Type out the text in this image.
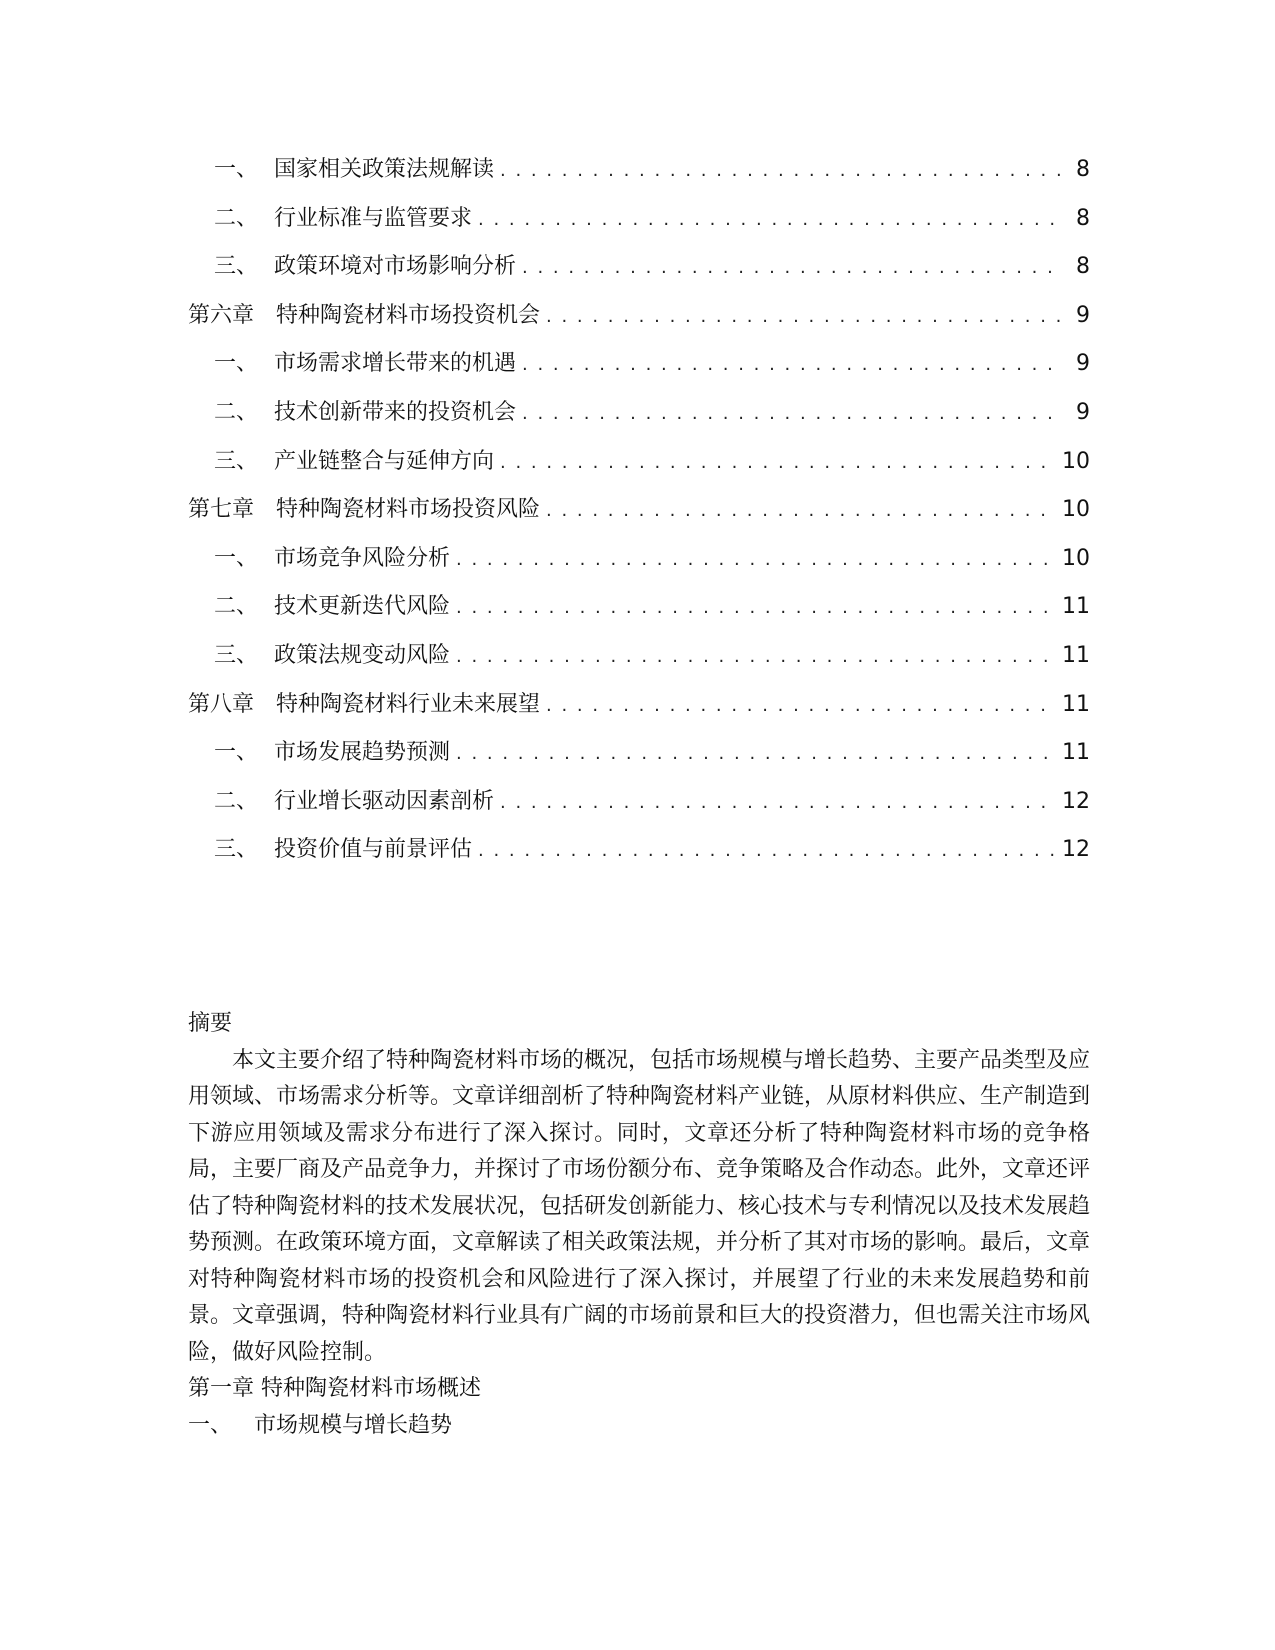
一、 国家相关政策法规解读 . . .	8
二、 行业标准与监管要求 . . .	8
三、 政策环境对市场影响分析 . . .	8
第六章 特种陶瓷材料市场投资机会 . . .	9
一、 市场需求增长带来的机遇 . . .	9
二、 技术创新带来的投资机会 . . .	9
三、 产业链整合与延伸方向 . . .	10
第七章 特种陶瓷材料市场投资风险 . . .	10
一、 市场竞争风险分析 . . .	10
二、 技术更新迭代风险 . . .	11
三、 政策法规变动风险 . . .	11
第八章 特种陶瓷材料行业未来展望 . . .	11
一、 市场发展趋势预测 . . .	11
二、 行业增长驱动因素剖析 . . .	12
三、 投资价值与前景评估 . . .	12
摘要

本文主要介绍了特种陶瓷材料市场的概况，包括市场规模与增长趋势、主要产品类型及应用领域、市场需求分析等。文章详细剖析了特种陶瓷材料产业链，从原材料供应、生产制造到下游应用领域及需求分布进行了深入探讨。同时，文章还分析了特种陶瓷材料市场的竞争格局，主要厂商及产品竞争力，并探讨了市场份额分布、竞争策略及合作动态。此外，文章还评估了特种陶瓷材料的技术发展状况，包括研发创新能力、核心技术与专利情况以及技术发展趋势预测。在政策环境方面，文章解读了相关政策法规，并分析了其对市场的影响。最后，文章对特种陶瓷材料市场的投资机会和风险进行了深入探讨，并展望了行业的未来发展趋势和前景。文章强调，特种陶瓷材料行业具有广阔的市场前景和巨大的投资潜力，但也需关注市场风险，做好风险控制。

第一章 特种陶瓷材料市场概述
一、 市场规模与增长趋势
